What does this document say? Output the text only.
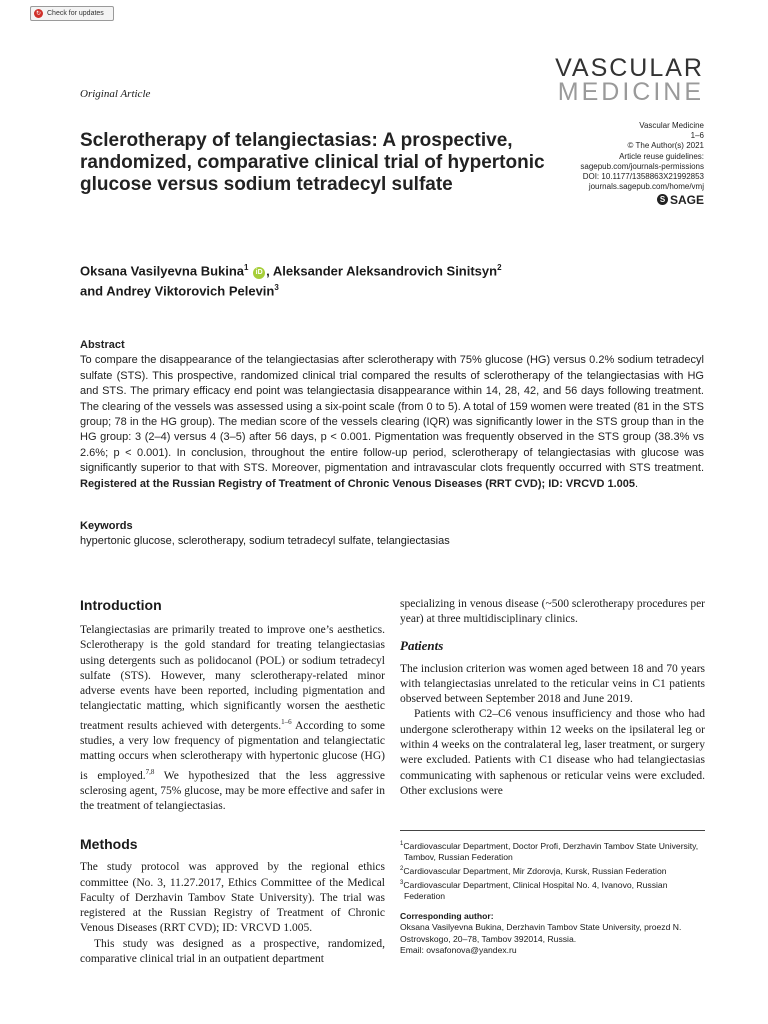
↻ Check for updates
Original Article
VASCULAR
MEDICINE
Sclerotherapy of telangiectasias: A prospective, randomized, comparative clinical trial of hypertonic glucose versus sodium tetradecyl sulfate
Vascular Medicine
1–6
© The Author(s) 2021
Article reuse guidelines:
sagepub.com/journals-permissions
DOI: 10.1177/1358863X21992853
journals.sagepub.com/home/vmj
S SAGE
Oksana Vasilyevna Bukina$^1$ iD , Aleksander Aleksandrovich Sinitsyn$^2$
and Andrey Viktorovich Pelevin$^3$
Abstract

To compare the disappearance of the telangiectasias after sclerotherapy with 75% glucose (HG) versus 0.2% sodium tetradecyl sulfate (STS). This prospective, randomized clinical trial compared the results of sclerotherapy of the telangiectasias with HG and STS. The primary efficacy end point was telangiectasia disappearance within 14, 28, 42, and 56 days following treatment. The clearing of the vessels was assessed using a six-point scale (from 0 to 5). A total of 159 women were treated (81 in the STS group; 78 in the HG group). The median score of the vessels clearing (IQR) was significantly lower in the STS group than in the HG group: 3 (2–4) versus 4 (3–5) after 56 days, p < 0.001. Pigmentation was frequently observed in the STS group (38.3% vs 2.6%; p < 0.001). In conclusion, throughout the entire follow-up period, sclerotherapy of telangiectasias with glucose was significantly superior to that with STS. Moreover, pigmentation and intravascular clots frequently occurred with STS treatment. Registered at the Russian Registry of Treatment of Chronic Venous Diseases (RRT CVD); ID: VRCVD 1.005.

Keywords
hypertonic glucose, sclerotherapy, sodium tetradecyl sulfate, telangiectasias
Introduction

Telangiectasias are primarily treated to improve one’s aesthetics. Sclerotherapy is the gold standard for treating telangiectasias using detergents such as polidocanol (POL) or sodium tetradecyl sulfate (STS). However, many sclerotherapy-related minor adverse events have been reported, including pigmentation and telangiectatic matting, which significantly worsen the aesthetic treatment results achieved with detergents.$^{1-6}$ According to some studies, a very low frequency of pigmentation and telangiectatic matting occurs when sclerotherapy with hypertonic glucose (HG) is employed.$^{7,8}$ We hypothesized that the less aggressive sclerosing agent, 75% glucose, may be more effective and safer in the treatment of telangiectasias.

Methods

The study protocol was approved by the regional ethics committee (No. 3, 11.27.2017, Ethics Committee of the Medical Faculty of Derzhavin Tambov State University). The trial was registered at the Russian Registry of Treatment of Chronic Venous Diseases (RRT CVD); ID: VRCVD 1.005.

This study was designed as a prospective, randomized, comparative clinical trial in an outpatient department

specializing in venous disease (~500 sclerotherapy procedures per year) at three multidisciplinary clinics.

Patients

The inclusion criterion was women aged between 18 and 70 years with telangiectasias unrelated to the reticular veins in C1 patients observed between September 2018 and June 2019.

Patients with C2–C6 venous insufficiency and those who had undergone sclerotherapy within 12 weeks on the ipsilateral leg or within 4 weeks on the contralateral leg, laser treatment, or surgery were excluded. Patients with C1 disease who had telangiectasias communicating with saphenous or reticular veins were excluded. Other exclusions were

$^1$Cardiovascular Department, Doctor Profi, Derzhavin Tambov State University, Tambov, Russian Federation
$^2$Cardiovascular Department, Mir Zdorovja, Kursk, Russian Federation
$^3$Cardiovascular Department, Clinical Hospital No. 4, Ivanovo, Russian Federation
Corresponding author:
Oksana Vasilyevna Bukina, Derzhavin Tambov State University, proezd N. Ostrovskogo, 20–78, Tambov 392014, Russia.
Email: ovsafonova@yandex.ru
